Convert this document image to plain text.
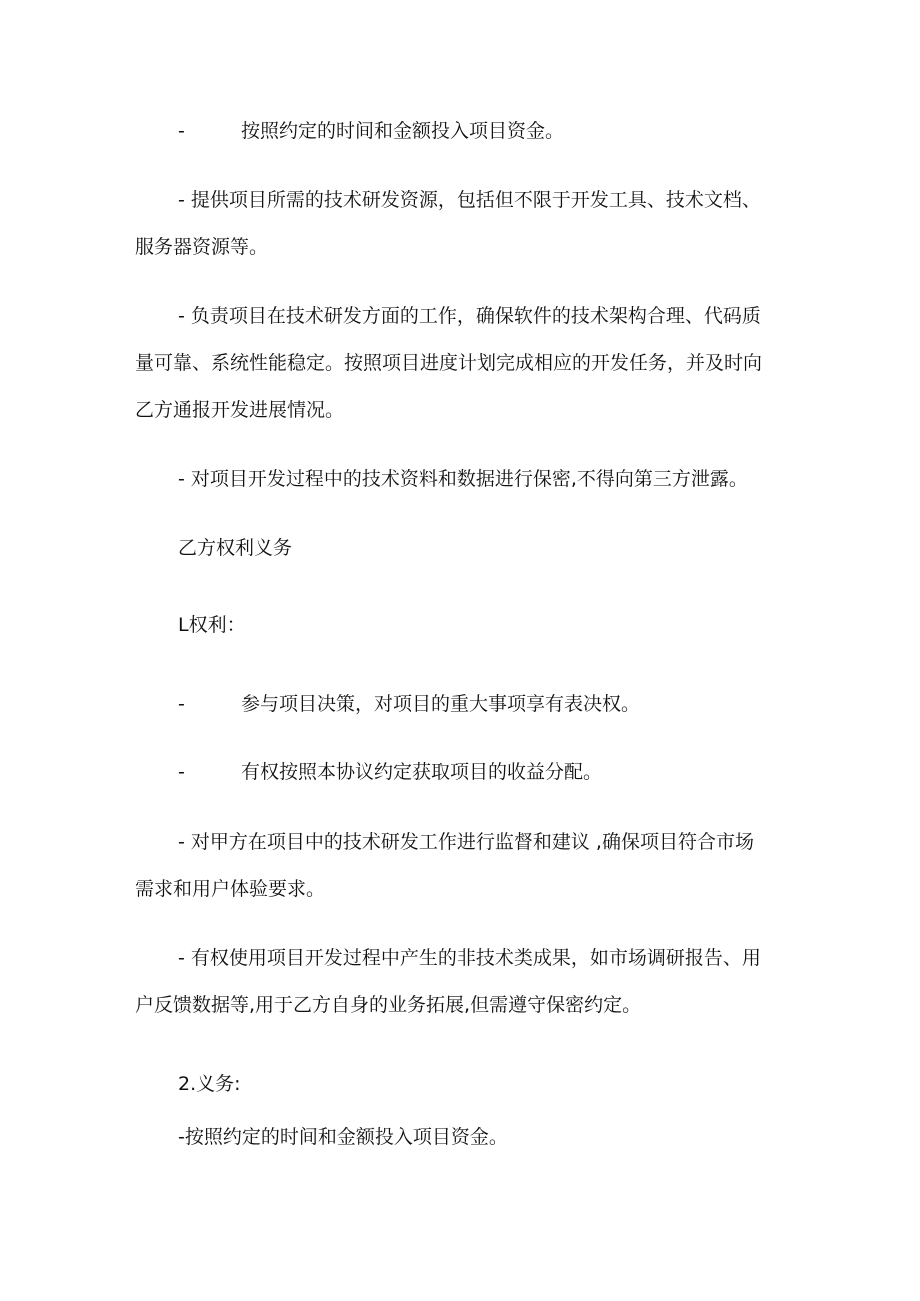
-	按照约定的时间和金额投入项目资金。
- 提供项目所需的技术研发资源，包括但不限于开发工具、技术文档、
服务器资源等。
- 负责项目在技术研发方面的工作，确保软件的技术架构合理、代码质
量可靠、系统性能稳定。按照项目进度计划完成相应的开发任务，并及时向
乙方通报开发进展情况。
- 对项目开发过程中的技术资料和数据进行保密,不得向第三方泄露。
乙方权利义务
L权利：
-	参与项目决策，对项目的重大事项享有表决权。
-	有权按照本协议约定获取项目的收益分配。
- 对甲方在项目中的技术研发工作进行监督和建议 ,确保项目符合市场
需求和用户体验要求。
- 有权使用项目开发过程中产生的非技术类成果，如市场调研报告、用
户反馈数据等,用于乙方自身的业务拓展,但需遵守保密约定。
2.义务:
-按照约定的时间和金额投入项目资金。
